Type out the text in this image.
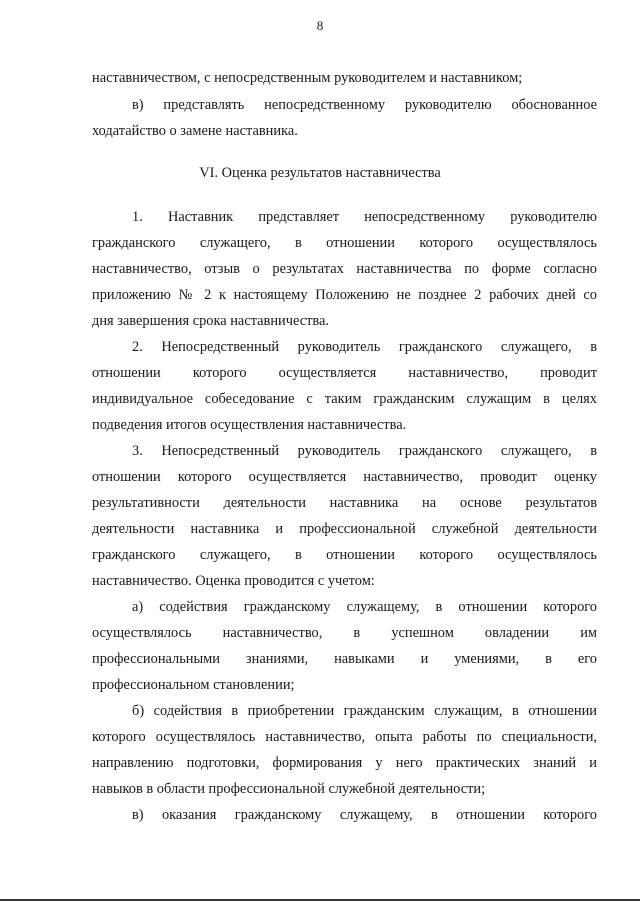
8
наставничеством, с непосредственным руководителем и наставником;
в) представлять непосредственному руководителю обоснованное
ходатайство о замене наставника.
VI. Оценка результатов наставничества
1. Наставник представляет непосредственному руководителю
гражданского служащего, в отношении которого осуществлялось
наставничество, отзыв о результатах наставничества по форме согласно
приложению № 2 к настоящему Положению не позднее 2 рабочих дней со
дня завершения срока наставничества.
2. Непосредственный руководитель гражданского служащего, в
отношении которого осуществляется наставничество, проводит
индивидуальное собеседование с таким гражданским служащим в целях
подведения итогов осуществления наставничества.
3. Непосредственный руководитель гражданского служащего, в
отношении которого осуществляется наставничество, проводит оценку
результативности деятельности наставника на основе результатов
деятельности наставника и профессиональной служебной деятельности
гражданского служащего, в отношении которого осуществлялось
наставничество. Оценка проводится с учетом:
а) содействия гражданскому служащему, в отношении которого
осуществлялось наставничество, в успешном овладении им
профессиональными знаниями, навыками и умениями, в его
профессиональном становлении;
б) содействия в приобретении гражданским служащим, в отношении
которого осуществлялось наставничество, опыта работы по специальности,
направлению подготовки, формирования у него практических знаний и
навыков в области профессиональной служебной деятельности;
в) оказания гражданскому служащему, в отношении которого
